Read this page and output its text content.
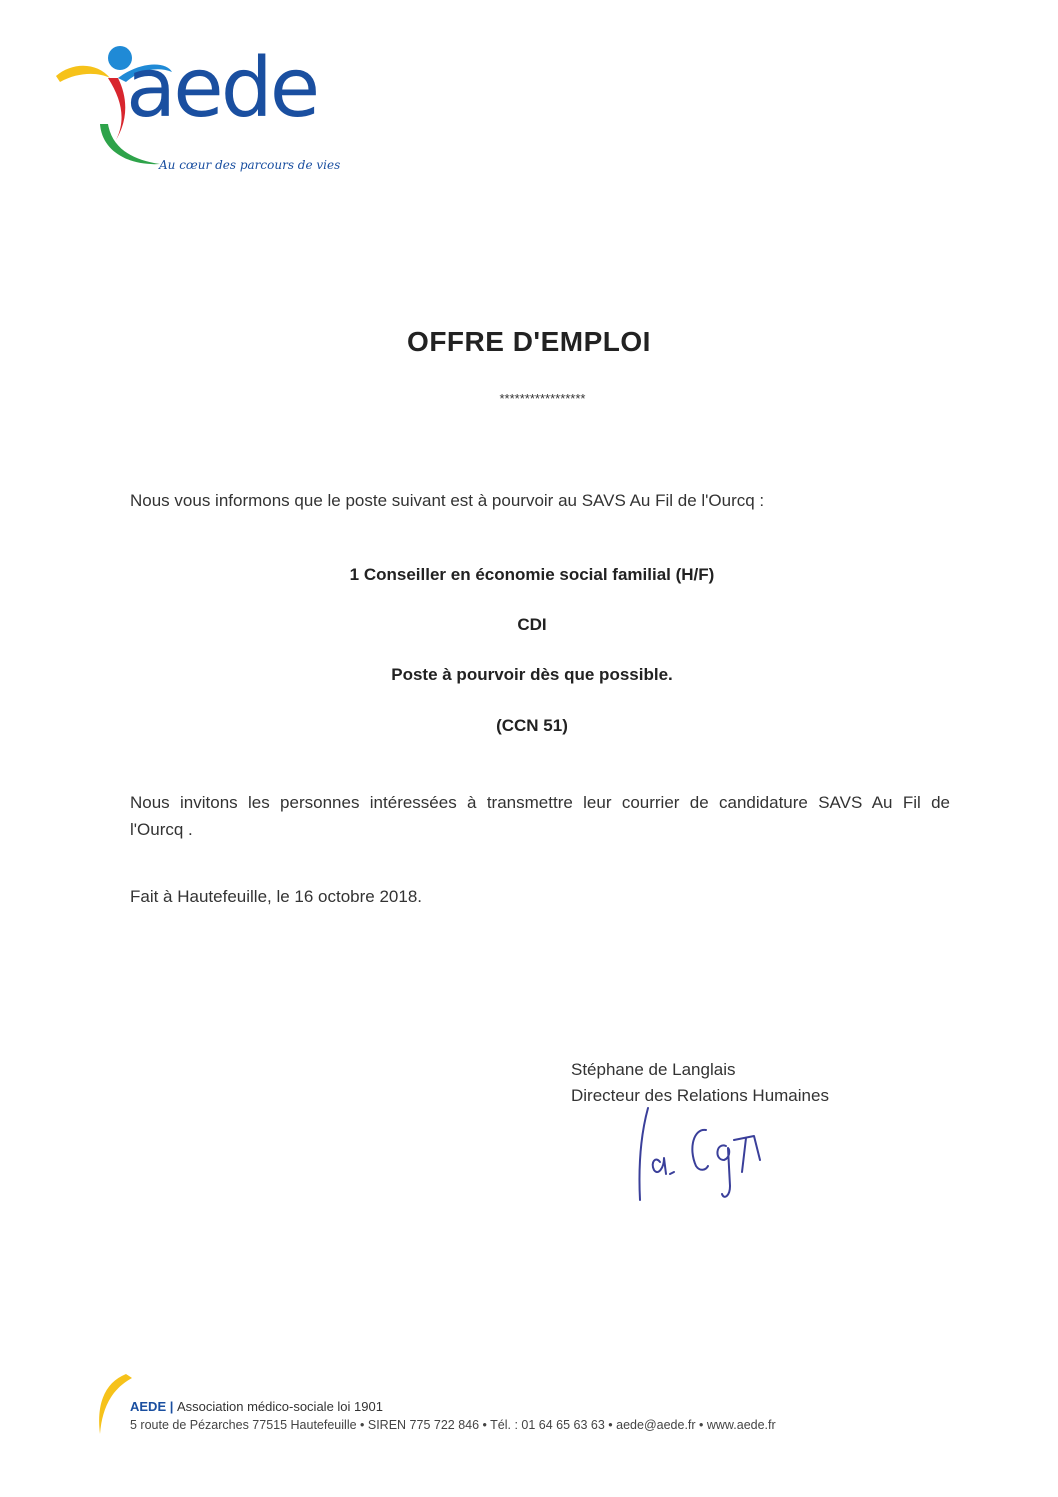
aede
Au cœur des parcours de vies
OFFRE D'EMPLOI
*****************
Nous vous informons que le poste suivant est à pourvoir au SAVS Au Fil de l'Ourcq :
1 Conseiller en économie social familial (H/F)
CDI
Poste à pourvoir dès que possible.
(CCN 51)
Nous invitons les personnes intéressées à transmettre leur courrier de candidature SAVS Au Fil de
l'Ourcq .
Fait à Hautefeuille, le 16 octobre 2018.
Stéphane de Langlais
Directeur des Relations Humaines
AEDE | Association médico-sociale loi 1901
5 route de Pézarches 77515 Hautefeuille • SIREN 775 722 846 • Tél. : 01 64 65 63 63 • aede@aede.fr • www.aede.fr
